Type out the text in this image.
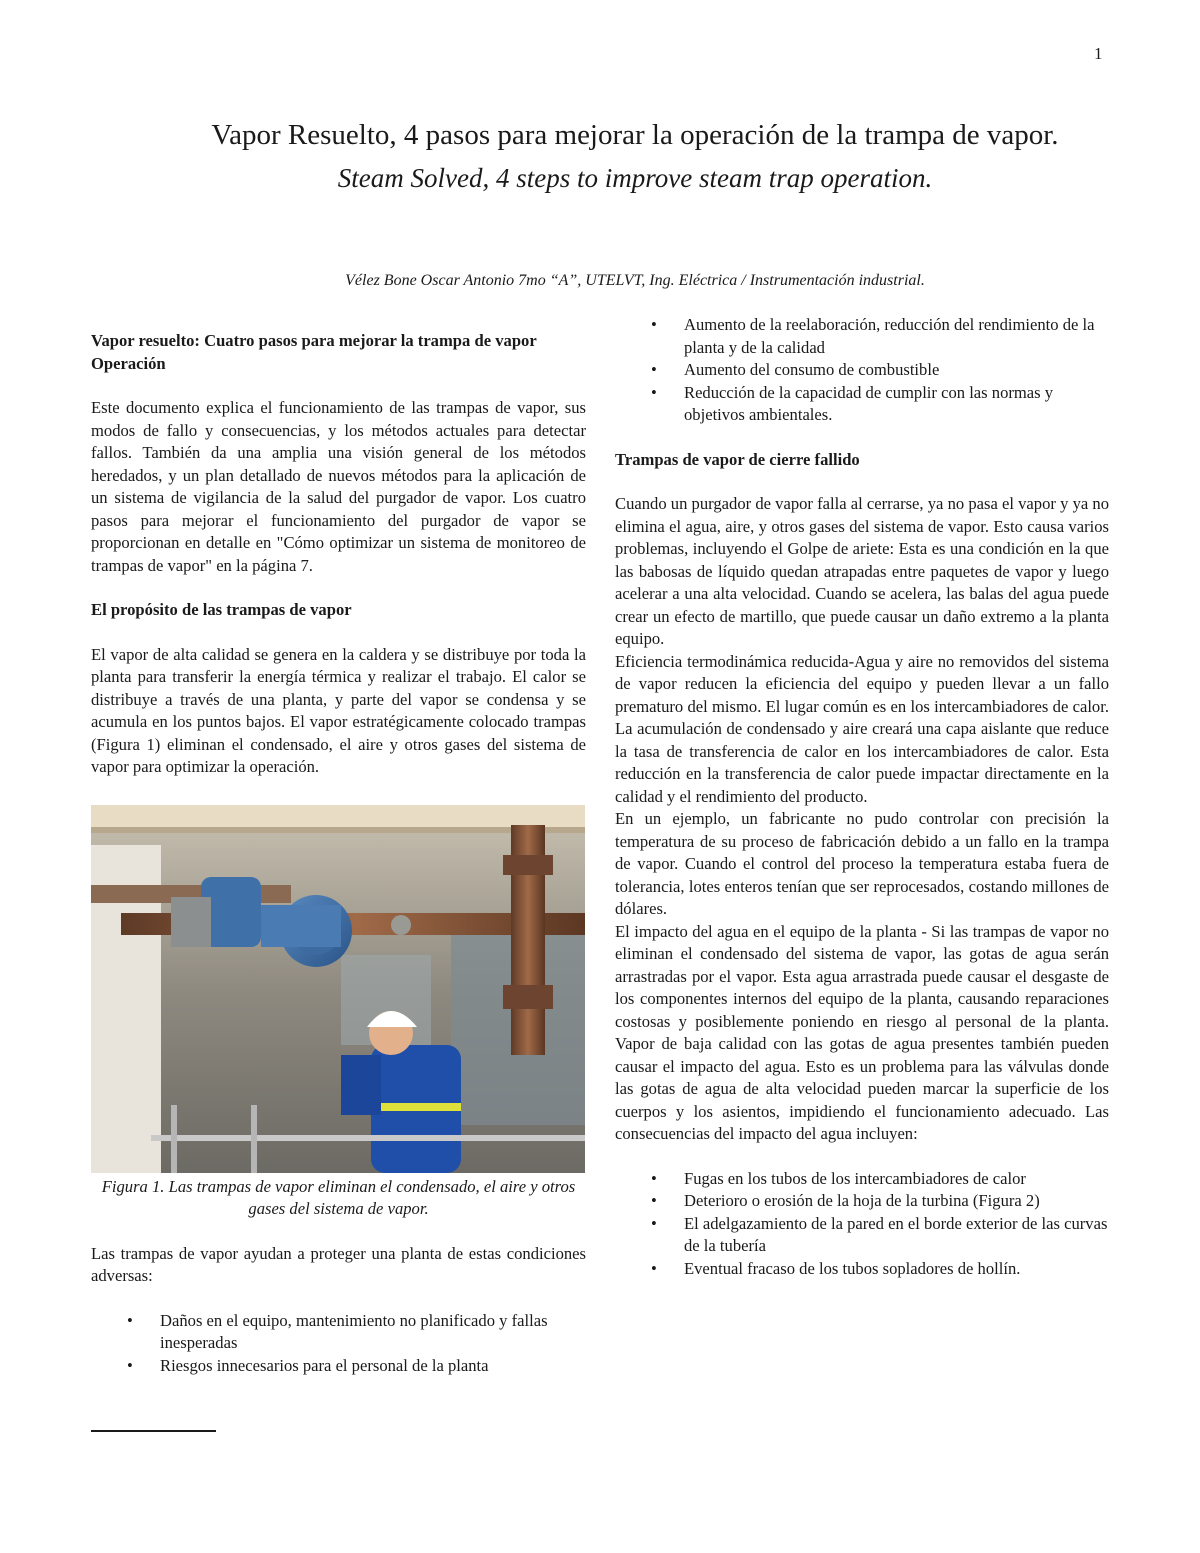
1
Vapor Resuelto, 4 pasos para mejorar la operación de la trampa de vapor.
Steam Solved, 4 steps to improve steam trap operation.
Vélez Bone Oscar Antonio 7mo “A”, UTELVT, Ing. Eléctrica / Instrumentación industrial.

Vapor resuelto: Cuatro pasos para mejorar la trampa de vapor Operación

Este documento explica el funcionamiento de las trampas de vapor, sus modos de fallo y consecuencias, y los métodos actuales para detectar fallos. También da una amplia una visión general de los métodos heredados, y un plan detallado de nuevos métodos para la aplicación de un sistema de vigilancia de la salud del purgador de vapor. Los cuatro pasos para mejorar el funcionamiento del purgador de vapor se proporcionan en detalle en "Cómo optimizar un sistema de monitoreo de trampas de vapor" en la página 7.

El propósito de las trampas de vapor

El vapor de alta calidad se genera en la caldera y se distribuye por toda la planta para transferir la energía térmica y realizar el trabajo. El calor se distribuye a través de una planta, y parte del vapor se condensa y se acumula en los puntos bajos. El vapor estratégicamente colocado trampas (Figura 1) eliminan el condensado, el aire y otros gases del sistema de vapor para optimizar la operación.

Figura 1. Las trampas de vapor eliminan el condensado, el aire y otros gases del sistema de vapor.

Las trampas de vapor ayudan a proteger una planta de estas condiciones adversas:

• Daños en el equipo, mantenimiento no planificado y fallas inesperadas
• Riesgos innecesarios para el personal de la planta
• Aumento de la reelaboración, reducción del rendimiento de la planta y de la calidad
• Aumento del consumo de combustible
• Reducción de la capacidad de cumplir con las normas y objetivos ambientales.

Trampas de vapor de cierre fallido

Cuando un purgador de vapor falla al cerrarse, ya no pasa el vapor y ya no elimina el agua, aire, y otros gases del sistema de vapor. Esto causa varios problemas, incluyendo el Golpe de ariete: Esta es una condición en la que las babosas de líquido quedan atrapadas entre paquetes de vapor y luego acelerar a una alta velocidad. Cuando se acelera, las balas del agua puede crear un efecto de martillo, que puede causar un daño extremo a la planta equipo.

Eficiencia termodinámica reducida-Agua y aire no removidos del sistema de vapor reducen la eficiencia del equipo y pueden llevar a un fallo prematuro del mismo. El lugar común es en los intercambiadores de calor. La acumulación de condensado y aire creará una capa aislante que reduce la tasa de transferencia de calor en los intercambiadores de calor. Esta reducción en la transferencia de calor puede impactar directamente en la calidad y el rendimiento del producto.

En un ejemplo, un fabricante no pudo controlar con precisión la temperatura de su proceso de fabricación debido a un fallo en la trampa de vapor. Cuando el control del proceso la temperatura estaba fuera de tolerancia, lotes enteros tenían que ser reprocesados, costando millones de dólares.

El impacto del agua en el equipo de la planta - Si las trampas de vapor no eliminan el condensado del sistema de vapor, las gotas de agua serán arrastradas por el vapor. Esta agua arrastrada puede causar el desgaste de los componentes internos del equipo de la planta, causando reparaciones costosas y posiblemente poniendo en riesgo al personal de la planta. Vapor de baja calidad con las gotas de agua presentes también pueden causar el impacto del agua. Esto es un problema para las válvulas donde las gotas de agua de alta velocidad pueden marcar la superficie de los cuerpos y los asientos, impidiendo el funcionamiento adecuado. Las consecuencias del impacto del agua incluyen:

• Fugas en los tubos de los intercambiadores de calor
• Deterioro o erosión de la hoja de la turbina (Figura 2)
• El adelgazamiento de la pared en el borde exterior de las curvas de la tubería
• Eventual fracaso de los tubos sopladores de hollín.
